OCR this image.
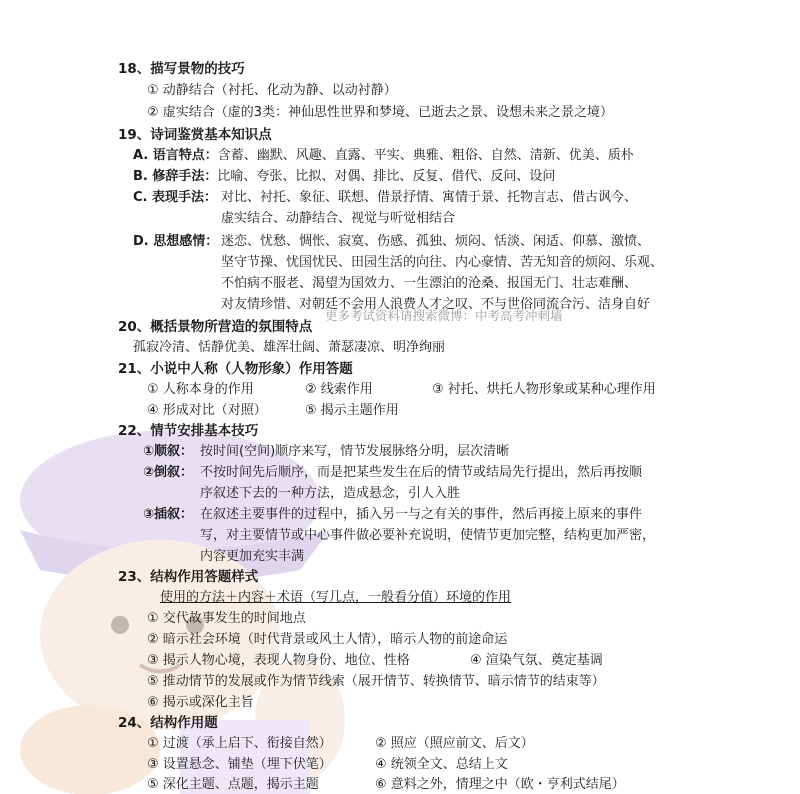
18、描写景物的技巧
① 动静结合（衬托、化动为静、以动衬静）
② 虚实结合（虚的3类：神仙思性世界和梦境、已逝去之景、设想未来之景之境）
19、诗词鉴赏基本知识点
A. 语言特点：含蓄、幽默、风趣、直露、平实、典雅、粗俗、自然、清新、优美、质朴
B. 修辞手法：比喻、夸张、比拟、对偶、排比、反复、借代、反问、设问
C. 表现手法： 对比、衬托、象征、联想、借景抒情、寓情于景、托物言志、借古讽今、
虚实结合、动静结合、视觉与听觉相结合
D. 思想感情： 迷恋、忧愁、惆怅、寂寞、伤感、孤独、烦闷、恬淡、闲适、仰慕、激愤、
坚守节操、忧国忧民、田园生活的向往、内心豪情、苦无知音的烦闷、乐观、
不怕病不服老、渴望为国效力、一生漂泊的沧桑、报国无门、壮志难酬、
对友情珍惜、对朝廷不会用人浪费人才之叹、不与世俗同流合污、洁身自好
更多考试资料请搜索微博：中考高考冲刺墙
20、概括景物所营造的氛围特点
孤寂冷清、恬静优美、雄浑壮阔、萧瑟凄凉、明净绚丽
21、小说中人称（人物形象）作用答题
① 人称本身的作用	② 线索作用	③ 衬托、烘托人物形象或某种心理作用
④ 形成对比（对照）	⑤ 揭示主题作用
22、情节安排基本技巧
①顺叙： 按时间(空间)顺序来写，情节发展脉络分明，层次清晰
②倒叙： 不按时间先后顺序，而是把某些发生在后的情节或结局先行提出，然后再按顺
序叙述下去的一种方法，造成悬念，引人入胜
③插叙： 在叙述主要事件的过程中，插入另一与之有关的事件，然后再接上原来的事件
写，对主要情节或中心事件做必要补充说明，使情节更加完整，结构更加严密，
内容更加充实丰满
23、结构作用答题样式
使用的方法＋内容＋术语（写几点，一般看分值）环境的作用
① 交代故事发生的时间地点
② 暗示社会环境（时代背景或风土人情），暗示人物的前途命运
③ 揭示人物心境，表现人物身份、地位、性格	④ 渲染气氛、奠定基调
⑤ 推动情节的发展或作为情节线索（展开情节、转换情节、暗示情节的结束等）
⑥ 揭示或深化主旨
24、结构作用题
① 过渡（承上启下、衔接自然）	② 照应（照应前文、后文）
③ 设置悬念、铺垫（埋下伏笔）	④ 统领全文、总结上文
⑤ 深化主题、点题，揭示主题	⑥ 意料之外，情理之中（欧・亨利式结尾）
